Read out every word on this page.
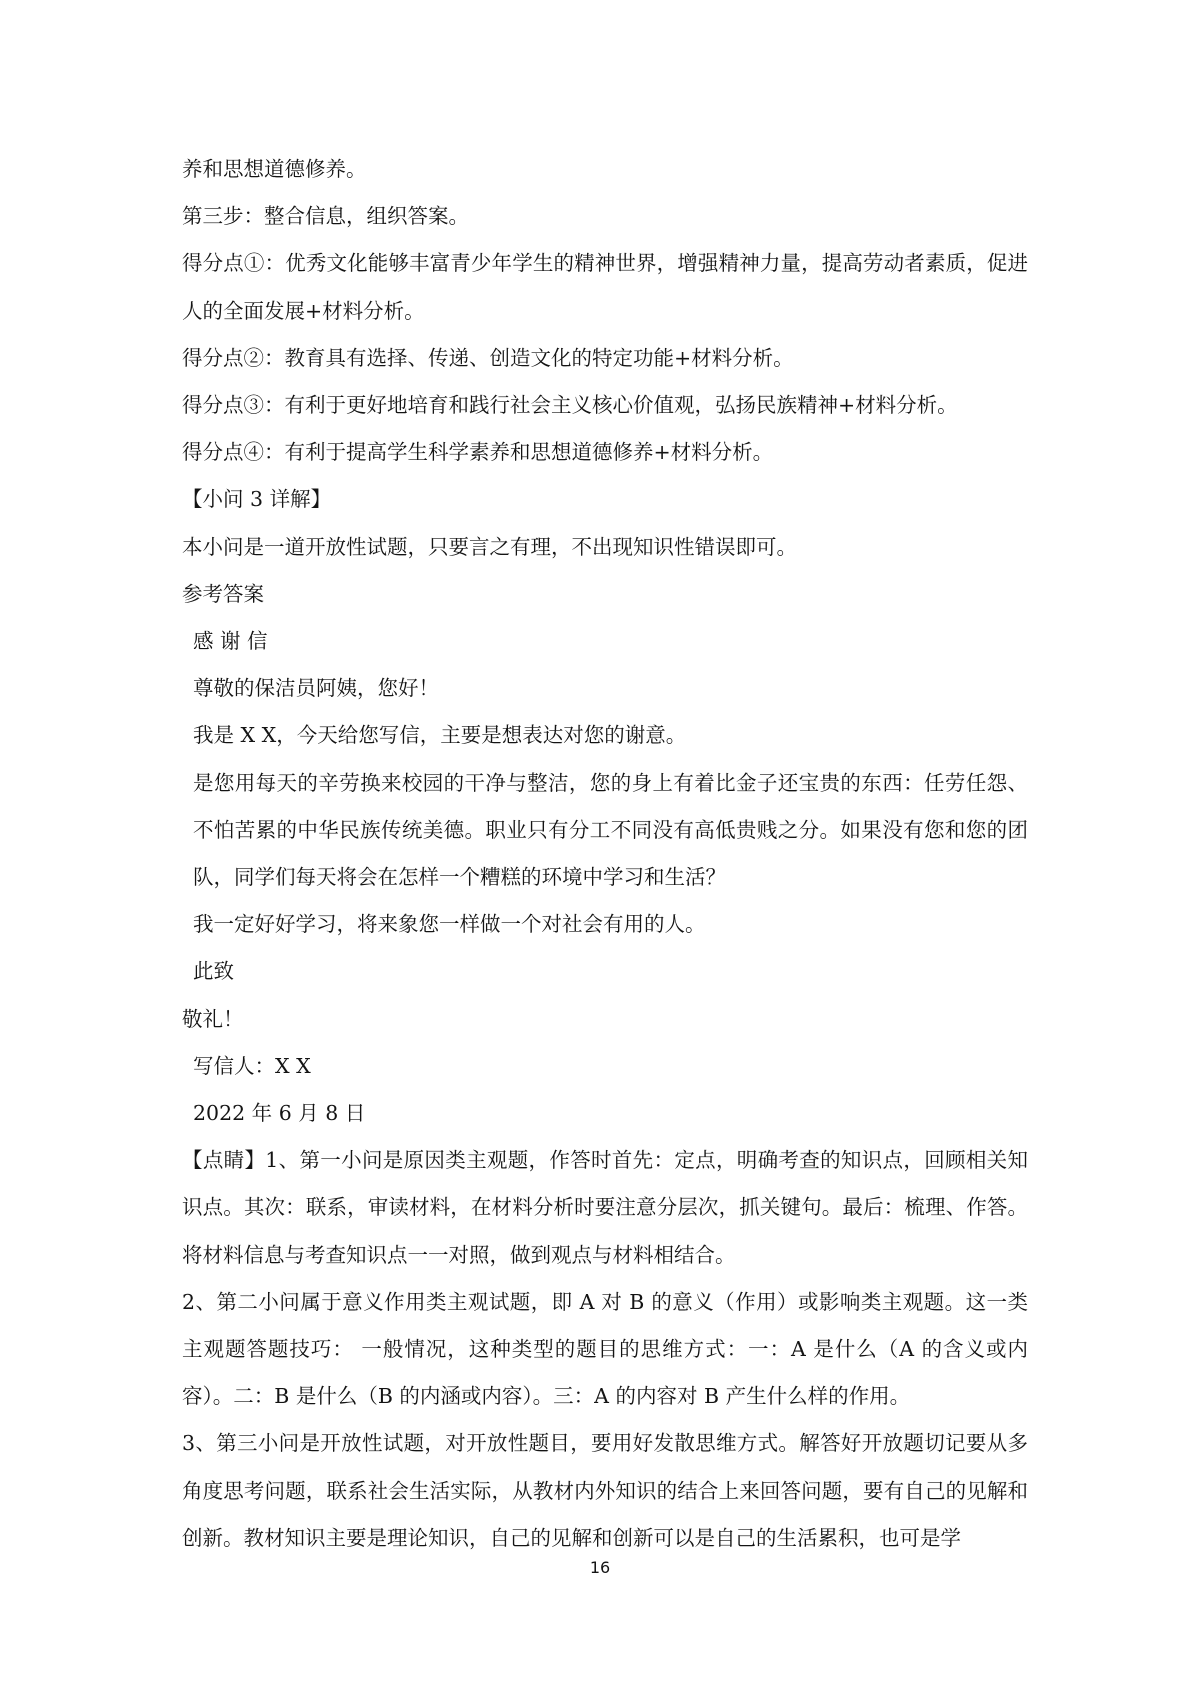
养和思想道德修养。

第三步：整合信息，组织答案。

得分点①：优秀文化能够丰富青少年学生的精神世界，增强精神力量，提高劳动者素质，促进人的全面发展+材料分析。

得分点②：教育具有选择、传递、创造文化的特定功能+材料分析。

得分点③：有利于更好地培育和践行社会主义核心价值观，弘扬民族精神+材料分析。

得分点④：有利于提高学生科学素养和思想道德修养+材料分析。

【小问 3 详解】

本小问是一道开放性试题，只要言之有理，不出现知识性错误即可。

参考答案

感 谢 信

尊敬的保洁员阿姨，您好！

我是 X X，今天给您写信，主要是想表达对您的谢意。

是您用每天的辛劳换来校园的干净与整洁，您的身上有着比金子还宝贵的东西：任劳任怨、不怕苦累的中华民族传统美德。职业只有分工不同没有高低贵贱之分。如果没有您和您的团队，同学们每天将会在怎样一个糟糕的环境中学习和生活？

我一定好好学习，将来象您一样做一个对社会有用的人。

此致

敬礼！

写信人：X X

2022 年 6 月 8 日

【点睛】1、第一小问是原因类主观题，作答时首先：定点，明确考查的知识点，回顾相关知识点。其次：联系，审读材料，在材料分析时要注意分层次，抓关键句。最后：梳理、作答。将材料信息与考查知识点一一对照，做到观点与材料相结合。

2、第二小问属于意义作用类主观试题，即 A 对 B 的意义（作用）或影响类主观题。这一类主观题答题技巧： 一般情况，这种类型的题目的思维方式：一：A 是什么（A 的含义或内容）。二：B 是什么（B 的内涵或内容）。三：A 的内容对 B 产生什么样的作用。

3、第三小问是开放性试题，对开放性题目，要用好发散思维方式。解答好开放题切记要从多角度思考问题，联系社会生活实际，从教材内外知识的结合上来回答问题，要有自己的见解和创新。教材知识主要是理论知识，自己的见解和创新可以是自己的生活累积，也可是学

16
